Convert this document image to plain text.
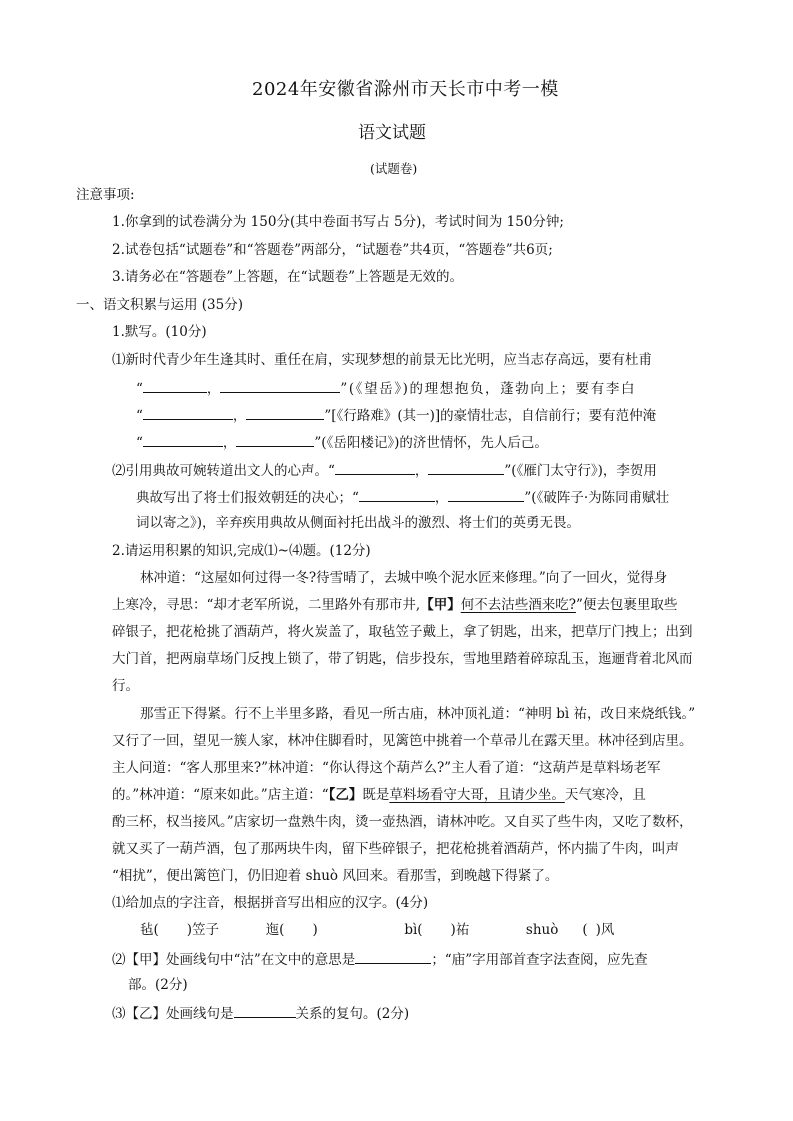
2024年安徽省滁州市天长市中考一模
语文试题
(试题卷)
注意事项:
1.你拿到的试卷满分为 150分(其中卷面书写占 5分)，考试时间为 150分钟;
2.试卷包括“试题卷”和“答题卷”两部分，“试题卷”共4页，“答题卷”共6页;
3.请务必在“答题卷”上答题，在“试题卷”上答题是无效的。
一、语文积累与运用 (35分)
1.默写。(10分)
⑴新时代青少年生逢其时、重任在肩，实现梦想的前景无比光明，应当志存高远，要有杜甫
“	，	”(《望岳》)的理想抱负，蓬勃向上；要有李白
“	，	”[《行路难》(其一)]的豪情壮志，自信前行；要有范仲淹
“	，	”(《岳阳楼记》)的济世情怀，先人后己。
⑵引用典故可婉转道出文人的心声。“	，	”(《雁门太守行》)，李贺用
典故写出了将士们报效朝廷的决心；“	，	”(《破阵子·为陈同甫赋壮
词以寄之》)，辛弃疾用典故从侧面衬托出战斗的激烈、将士们的英勇无畏。
2.请运用积累的知识,完成⑴~⑷题。(12分)
林冲道：“这屋如何过得一冬?待雪晴了，去城中唤个泥水匠来修理。”向了一回火，觉得身
上寒冷，寻思：“却才老军所说，二里路外有那市井,【甲】何不去沽些酒来吃?”便去包裹里取些
碎银子，把花枪挑了酒葫芦，将火炭盖了，取毡笠子戴上，拿了钥匙，出来，把草厅门拽上；出到
大门首，把两扇草场门反拽上锁了，带了钥匙，信步投东，雪地里踏着碎琼乱玉，迤逦背着北风而
行。
那雪正下得紧。行不上半里多路，看见一所古庙，林冲顶礼道：“神明 bì 祐，改日来烧纸钱。”
又行了一回，望见一簇人家，林冲住脚看时，见篱笆中挑着一个草帚儿在露天里。林冲径到店里。
主人问道：“客人那里来?”林冲道：“你认得这个葫芦么?”主人看了道：“这葫芦是草料场老军
的。”林冲道：“原来如此。”店主道：“【乙】既是草料场看守大哥，且请少坐。天气寒冷，且
酌三杯，权当接风。”店家切一盘熟牛肉，烫一壶热酒，请林冲吃。又自买了些牛肉，又吃了数杯，
就又买了一葫芦酒，包了那两块牛肉，留下些碎银子，把花枪挑着酒葫芦，怀内揣了牛肉，叫声
“相扰”，便出篱笆门，仍旧迎着 shuò 风回来。看那雪，到晚越下得紧了。
⑴给加点的字注音，根据拼音写出相应的汉字。(4分)
毡( )笠子	迤( )	bì( )祐	shuò ( )风
⑵【甲】处画线句中“沽”在文中的意思是	；“庙”字用部首查字法查阅，应先查
部。(2分)
⑶【乙】处画线句是	关系的复句。(2分)
